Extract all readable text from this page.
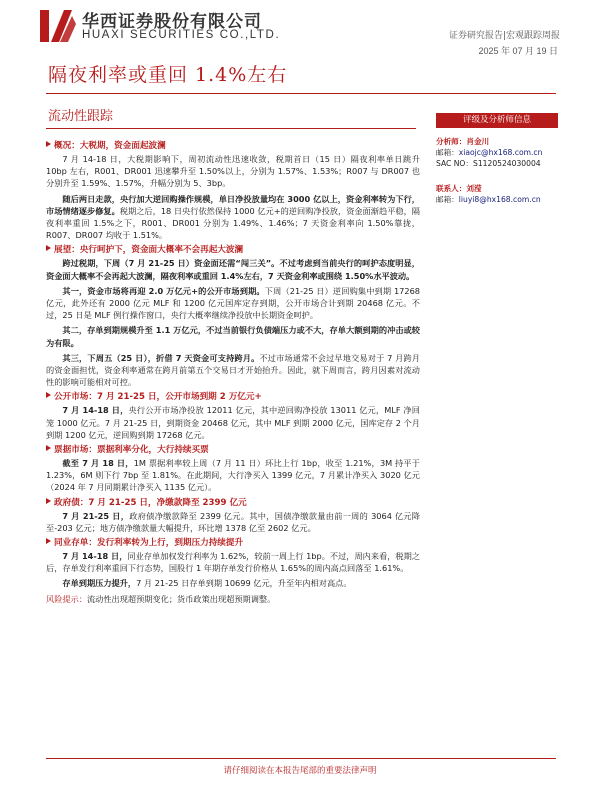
华西证券股份有限公司
HUAXI SECURITIES CO.,LTD.	证券研究报告|宏观跟踪周报
2025 年 07 月 19 日
隔夜利率或重回 1.4%左右
流动性跟踪
概况：大税期，资金面起波澜

7 月 14-18 日，大税期影响下，周初流动性迅速收敛，税期首日（15 日）隔夜利率单日跳升 10bp 左右，R001、DR001 迅速攀升至 1.50%以上，分别为 1.57%、1.53%；R007 与 DR007 也分别升至 1.59%、1.57%，升幅分别为 5、3bp。

随后两日走款，央行加大逆回购操作规模，单日净投放量均在 3000 亿以上，资金利率转为下行，市场情绪逐步修复。税期之后，18 日央行依然保持 1000 亿元+的逆回购净投放，资金面渐趋平稳，隔夜利率重回 1.5%之下，R001、DR001 分别为 1.49%、1.46%；7 天资金利率向 1.50%靠拢，R007、DR007 均收于 1.51%。

展望：央行呵护下，资金面大概率不会再起大波澜

跨过税期，下周（7 月 21-25 日）资金面还需“闯三关”。不过考虑到当前央行的呵护态度明显，资金面大概率不会再起大波澜，隔夜利率或重回 1.4%左右，7 天资金利率或围绕 1.50%水平波动。

其一，资金市场将再迎 2.0 万亿元+的公开市场到期。下周（21-25 日）逆回购集中到期 17268 亿元，此外还有 2000 亿元 MLF 和 1200 亿元国库定存到期，公开市场合计到期 20468 亿元。不过，25 日是 MLF 例行操作窗口，央行大概率继续净投放中长期资金呵护。

其二，存单到期规模升至 1.1 万亿元，不过当前银行负债端压力或不大，存单大额到期的冲击或较为有限。

其三，下周五（25 日），折借 7 天资金可支持跨月。不过市场通常不会过早地交易对于 7 月跨月的资金面担忧，资金利率通常在跨月前第五个交易日才开始抬升。因此，就下周而言，跨月因素对流动性的影响可能相对可控。

公开市场：7 月 21-25 日，公开市场到期 2 万亿元+

7 月 14-18 日，央行公开市场净投放 12011 亿元，其中逆回购净投放 13011 亿元，MLF 净回笼 1000 亿元。7 月 21-25 日，到期资金 20468 亿元，其中 MLF 到期 2000 亿元，国库定存 2 个月到期 1200 亿元，逆回购到期 17268 亿元。

票据市场：票据利率分化，大行持续买票

截至 7 月 18 日，1M 票据利率较上周（7 月 11 日）环比上行 1bp，收至 1.21%，3M 持平于 1.23%，6M 则下行 7bp 至 1.81%。在此期间，大行净买入 1399 亿元，7 月累计净买入 3020 亿元（2024 年 7 月同期累计净买入 1135 亿元）。

政府债：7 月 21-25 日，净缴款降至 2399 亿元

7 月 21-25 日，政府债净缴款降至 2399 亿元。其中，国债净缴款量由前一周的 3064 亿元降至-203 亿元；地方债净缴款量大幅提升，环比增 1378 亿至 2602 亿元。

同业存单：发行利率转为上行，到期压力持续提升

7 月 14-18 日，同业存单加权发行利率为 1.62%，较前一周上行 1bp。不过，周内来看，税期之后，存单发行利率重回下行态势，国股行 1 年期存单发行价格从 1.65%的周内高点回落至 1.61%。

存单到期压力提升，7 月 21-25 日存单到期 10699 亿元，升至年内相对高点。

风险提示：流动性出现超预期变化；货币政策出现超预期调整。

评级及分析师信息
分析师：肖金川
邮箱：xiaojc@hx168.com.cn
SAC NO：S1120524030004
联系人：刘滢
邮箱：liuyi8@hx168.com.cn
请仔细阅读在本报告尾部的重要法律声明
